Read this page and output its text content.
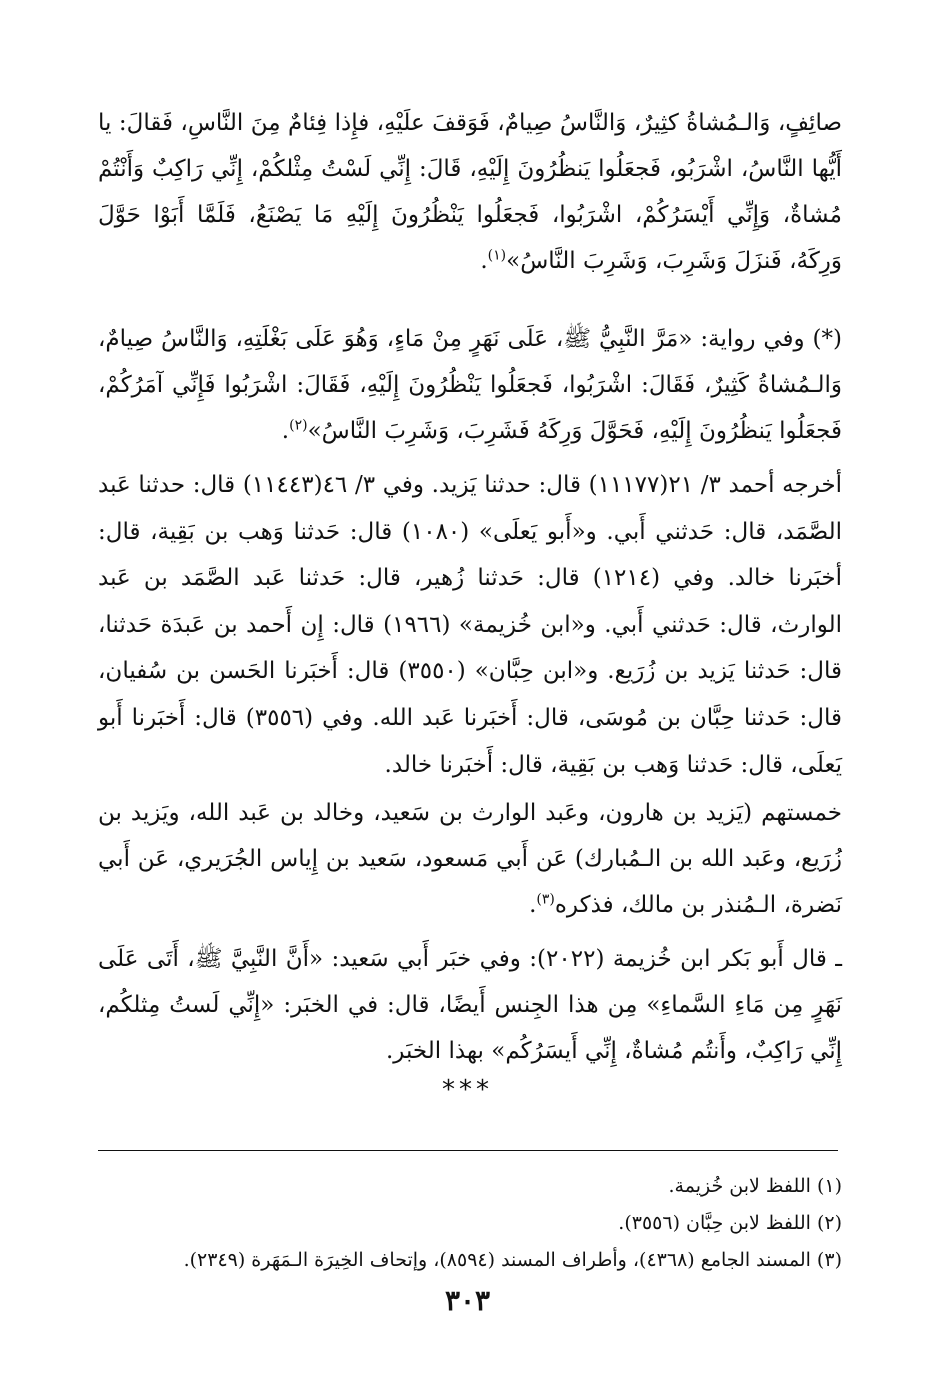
صائِفٍ، وَالـمُشاةُ كثِيرٌ، وَالنَّاسُ صِيامٌ، فَوَقفَ علَيْهِ، فإِذا فِئامٌ مِنَ النَّاسِ، فَقالَ: يا أَيُّها النَّاسُ، اشْرَبُو، فَجعَلُوا يَنظُرُونَ إِلَيْهِ، قَالَ: إِنِّي لَسْتُ مِثْلكُمْ، إِنِّي رَاكِبٌ وَأَنْتُمْ مُشاةٌ، وَإِنِّي أَيْسَرُكُمْ، اشْرَبُوا، فَجعَلُوا يَنْظُرُونَ إِلَيْهِ مَا يَصْنَعُ، فَلَمَّا أَبَوْا حَوَّلَ وَرِكَهُ، فَنزَلَ وَشَرِبَ، وَشَرِبَ النَّاسُ»$^{(١)}$.

(*) وفي رواية: «مَرَّ النَّبِيُّ ﷺ، عَلَى نَهَرٍ مِنْ مَاءٍ، وَهُوَ عَلَى بَغْلَتِهِ، وَالنَّاسُ صِيامٌ، وَالـمُشاةُ كَثِيرٌ، فَقَالَ: اشْرَبُوا، فَجعَلُوا يَنْظُرُونَ إِلَيْهِ، فَقَالَ: اشْرَبُوا فَإِنِّي آمَرُكُمْ، فَجعَلُوا يَنظُرُونَ إِلَيْهِ، فَحَوَّلَ وَرِكَهُ فَشَرِبَ، وَشَرِبَ النَّاسُ»$^{(٢)}$.

أخرجه أحمد ٣/ ٢١(١١١٧٧) قال: حدثنا يَزيد. وفي ٣/ ٤٦(١١٤٤٣) قال: حدثنا عَبد الصَّمَد، قال: حَدثني أَبي. و«أَبو يَعلَى» (١٠٨٠) قال: حَدثنا وَهب بن بَقِية، قال: أخبَرنا خالد. وفي (١٢١٤) قال: حَدثنا زُهير، قال: حَدثنا عَبد الصَّمَد بن عَبد الوارث، قال: حَدثني أَبي. و«ابن خُزيمة» (١٩٦٦) قال: إِن أَحمد بن عَبدَة حَدثنا، قال: حَدثنا يَزيد بن زُرَيع. و«ابن حِبَّان» (٣٥٥٠) قال: أَخبَرنا الحَسن بن سُفيان، قال: حَدثنا حِبَّان بن مُوسَى، قال: أَخبَرنا عَبد الله. وفي (٣٥٥٦) قال: أَخبَرنا أَبو يَعلَى، قال: حَدثنا وَهب بن بَقِية، قال: أَخبَرنا خالد.

خمستهم (يَزيد بن هارون، وعَبد الوارث بن سَعيد، وخالد بن عَبد الله، ويَزيد بن زُرَيع، وعَبد الله بن الـمُبارك) عَن أَبي مَسعود، سَعيد بن إِياس الجُرَيري، عَن أَبي نَضرة، الـمُنذر بن مالك، فذكره$^{(٣)}$.

ـ قال أَبو بَكر ابن خُزيمة (٢٠٢٢): وفي خبَر أَبي سَعيد: «أَنَّ النَّبِيَّ ﷺ، أَتَى عَلَى نَهَرٍ مِن مَاءِ السَّماءِ» مِن هذا الجِنس أَيضًا، قال: في الخبَر: «إِنِّي لَستُ مِثلكُم، إِنِّي رَاكِبٌ، وأَنتُم مُشاةٌ، إِنِّي أَيسَرُكُم» بهذا الخبَر.

***

(١) اللفظ لابن خُزيمة.

(٢) اللفظ لابن حِبَّان (٣٥٥٦).

(٣) المسند الجامع (٤٣٦٨)، وأطراف المسند (٨٥٩٤)، وإتحاف الخِيرَة الـمَهَرة (٢٣٤٩).

٣٠٣
